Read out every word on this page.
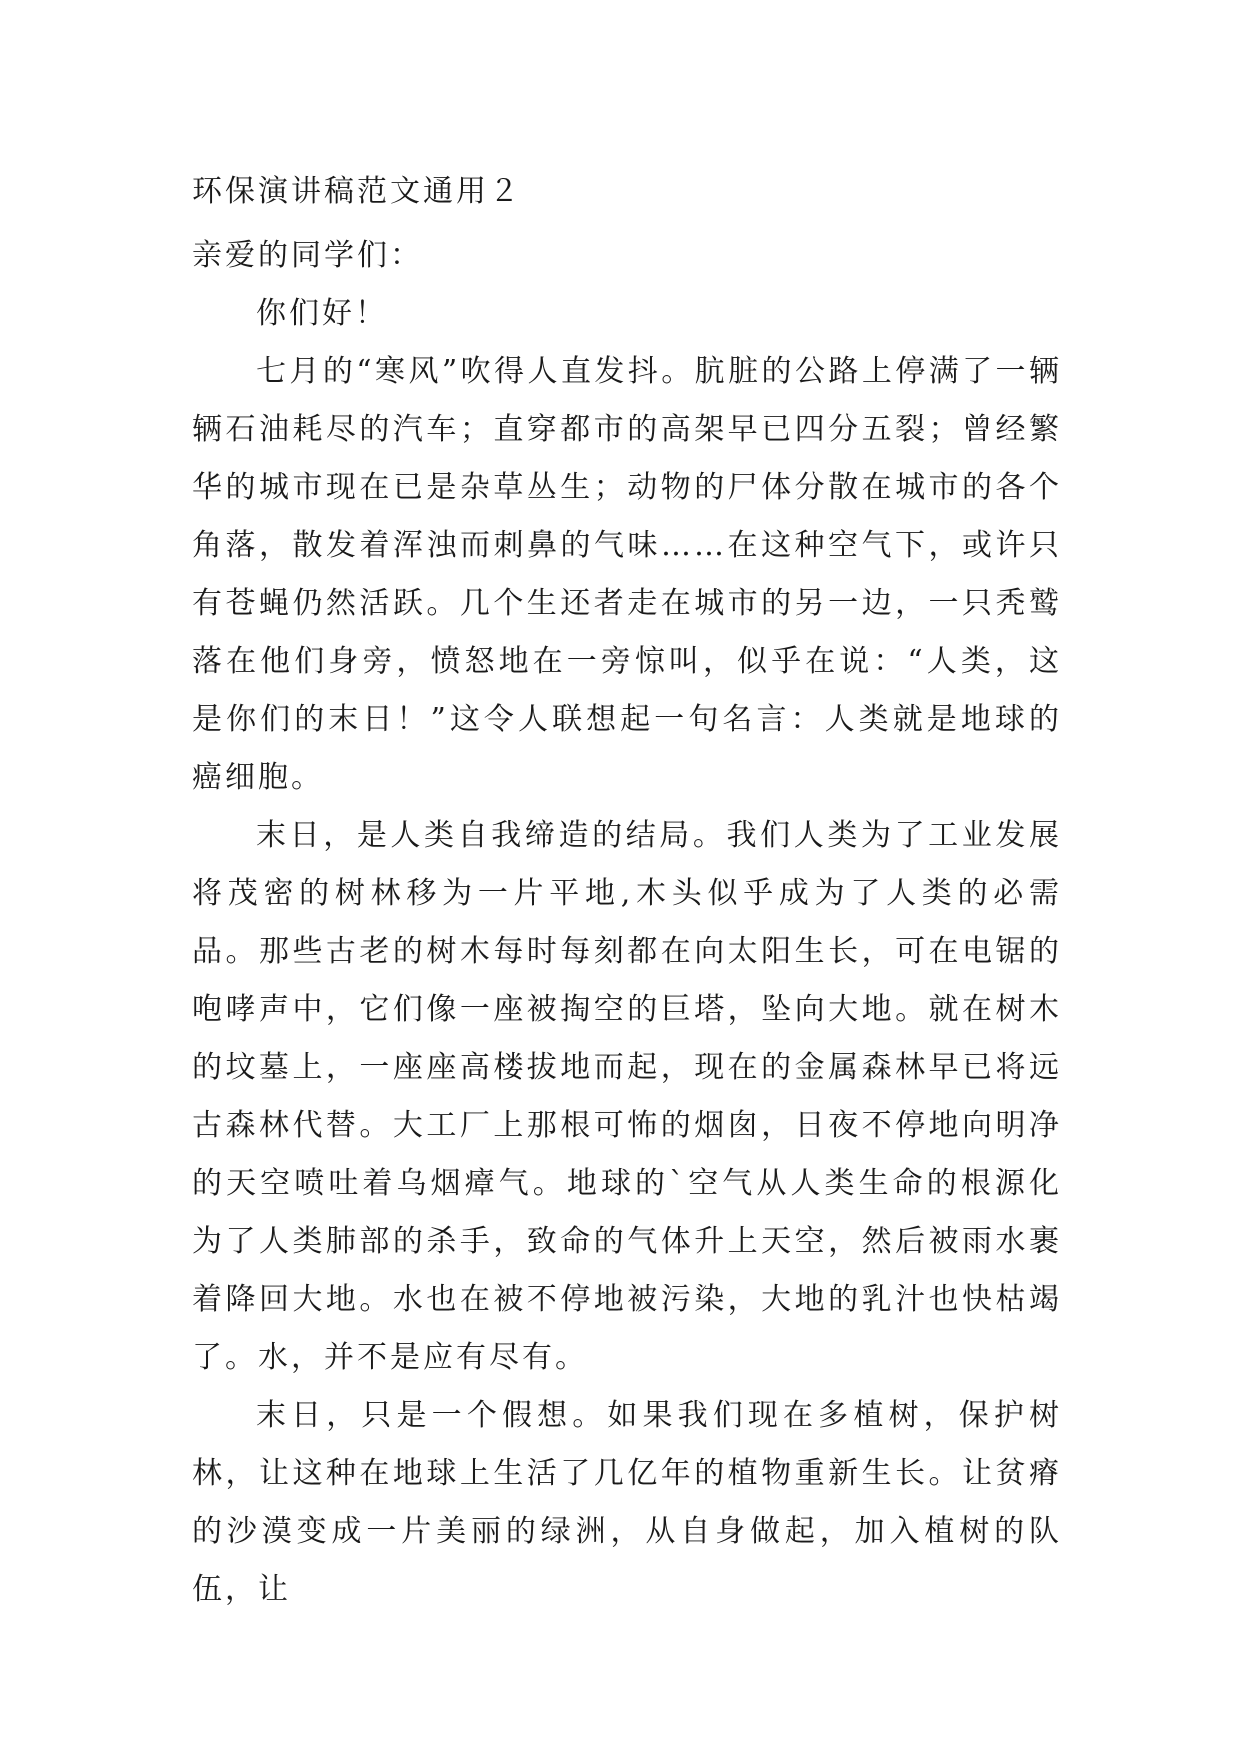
环保演讲稿范文通用２

亲爱的同学们：

你们好！

七月的“寒风”吹得人直发抖。肮脏的公路上停满了一辆辆石油耗尽的汽车；直穿都市的高架早已四分五裂；曾经繁华的城市现在已是杂草丛生；动物的尸体分散在城市的各个角落，散发着浑浊而刺鼻的气味……在这种空气下，或许只有苍蝇仍然活跃。几个生还者走在城市的另一边，一只秃鹫落在他们身旁，愤怒地在一旁惊叫，似乎在说：“人类，这是你们的末日！”这令人联想起一句名言：人类就是地球的癌细胞。

末日，是人类自我缔造的结局。我们人类为了工业发展将茂密的树林移为一片平地,木头似乎成为了人类的必需品。那些古老的树木每时每刻都在向太阳生长，可在电锯的咆哮声中，它们像一座被掏空的巨塔，坠向大地。就在树木的坟墓上，一座座高楼拔地而起，现在的金属森林早已将远古森林代替。大工厂上那根可怖的烟囱，日夜不停地向明净的天空喷吐着乌烟瘴气。地球的`空气从人类生命的根源化为了人类肺部的杀手，致命的气体升上天空，然后被雨水裹着降回大地。水也在被不停地被污染，大地的乳汁也快枯竭了。水，并不是应有尽有。

末日，只是一个假想。如果我们现在多植树，保护树林，让这种在地球上生活了几亿年的植物重新生长。让贫瘠的沙漠变成一片美丽的绿洲，从自身做起，加入植树的队伍，让
